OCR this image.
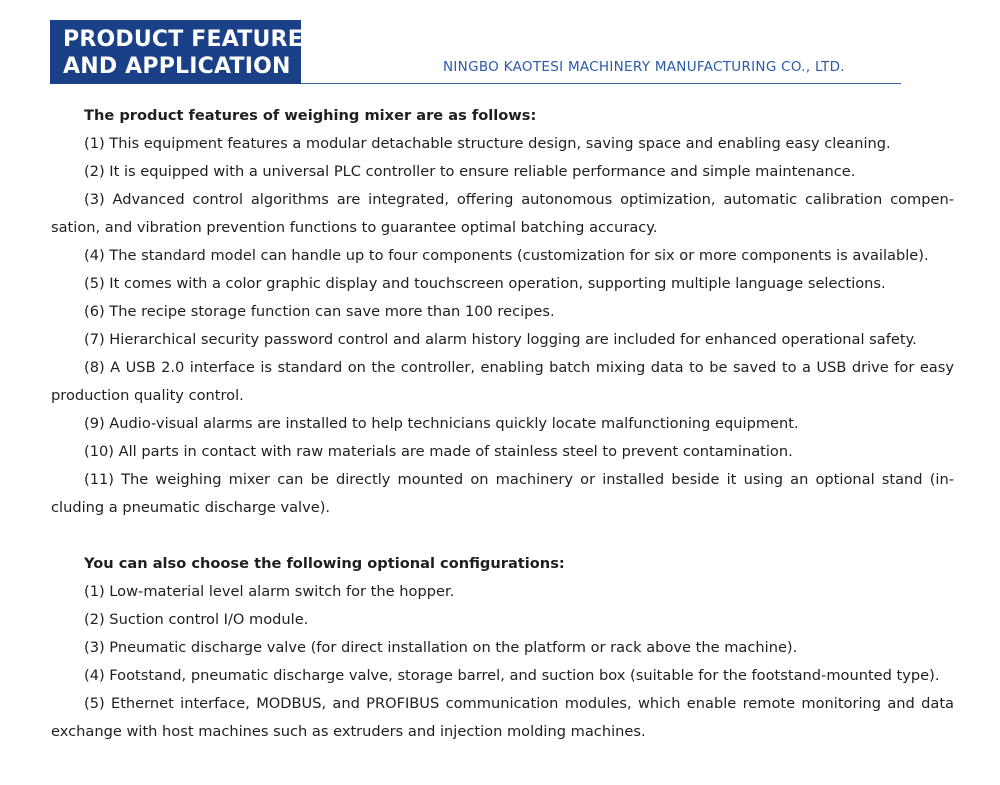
PRODUCT FEATURE
AND APPLICATION	NINGBO KAOTESI MACHINERY MANUFACTURING CO., LTD.

The product features of weighing mixer are as follows:

(1) This equipment features a modular detachable structure design, saving space and enabling easy cleaning.

(2) It is equipped with a universal PLC controller to ensure reliable performance and simple maintenance.

(3) Advanced control algorithms are integrated, offering autonomous optimization, automatic calibration compen-sation, and vibration prevention functions to guarantee optimal batching accuracy.

(4) The standard model can handle up to four components (customization for six or more components is available).

(5) It comes with a color graphic display and touchscreen operation, supporting multiple language selections.

(6) The recipe storage function can save more than 100 recipes.

(7) Hierarchical security password control and alarm history logging are included for enhanced operational safety.

(8) A USB 2.0 interface is standard on the controller, enabling batch mixing data to be saved to a USB drive for easy production quality control.

(9) Audio-visual alarms are installed to help technicians quickly locate malfunctioning equipment.

(10) All parts in contact with raw materials are made of stainless steel to prevent contamination.

(11) The weighing mixer can be directly mounted on machinery or installed beside it using an optional stand (in-cluding a pneumatic discharge valve).

You can also choose the following optional configurations:

(1) Low-material level alarm switch for the hopper.

(2) Suction control I/O module.

(3) Pneumatic discharge valve (for direct installation on the platform or rack above the machine).

(4) Footstand, pneumatic discharge valve, storage barrel, and suction box (suitable for the footstand-mounted type).

(5) Ethernet interface, MODBUS, and PROFIBUS communication modules, which enable remote monitoring and data exchange with host machines such as extruders and injection molding machines.
